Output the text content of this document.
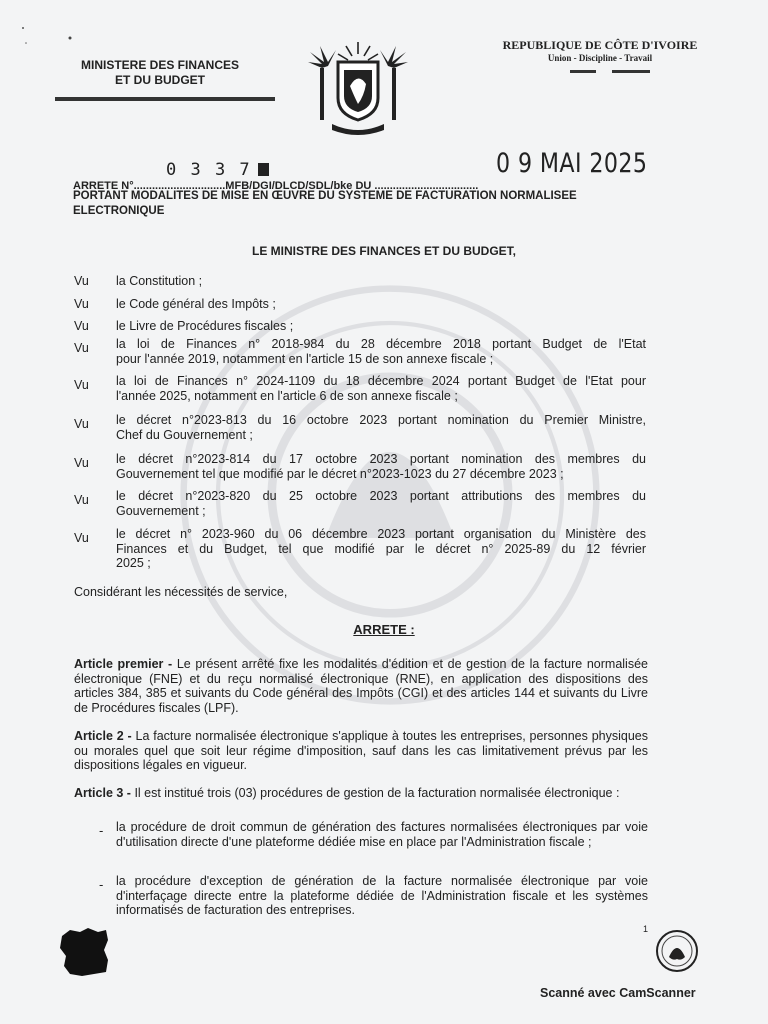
MINISTERE DES FINANCES
ET DU BUDGET
REPUBLIQUE DE CÔTE D'IVOIRE
Union - Discipline - Travail
0 3 3 7	0 9 MAI 2025
ARRETE N°..............................MFB/DGI/DLCD/SDL/bke DU ..................................
PORTANT MODALITES DE MISE EN ŒUVRE DU SYSTEME DE FACTURATION NORMALISEE
ELECTRONIQUE
LE MINISTRE DES FINANCES ET DU BUDGET,
Vu la Constitution ;
Vu le Code général des Impôts ;
Vu le Livre de Procédures fiscales ;
Vu la loi de Finances n° 2018-984 du 28 décembre 2018 portant Budget de l'Etat
pour l'année 2019, notamment en l'article 15 de son annexe fiscale ;
Vu la loi de Finances n° 2024-1109 du 18 décembre 2024 portant Budget de l'Etat pour
l'année 2025, notamment en l'article 6 de son annexe fiscale ;
Vu le décret n°2023-813 du 16 octobre 2023 portant nomination du Premier Ministre,
Chef du Gouvernement ;
Vu le décret n°2023-814 du 17 octobre 2023 portant nomination des membres du
Gouvernement tel que modifié par le décret n°2023-1023 du 27 décembre 2023 ;
Vu le décret n°2023-820 du 25 octobre 2023 portant attributions des membres du
Gouvernement ;
Vu le décret n° 2023-960 du 06 décembre 2023 portant organisation du Ministère des
Finances et du Budget, tel que modifié par le décret n° 2025-89 du 12 février
2025 ;
Considérant les nécessités de service,
ARRETE :
Article premier - Le présent arrêté fixe les modalités d'édition et de gestion de la facture normalisée électronique (FNE) et du reçu normalisé électronique (RNE), en application des dispositions des articles 384, 385 et suivants du Code général des Impôts (CGI) et des articles 144 et suivants du Livre de Procédures fiscales (LPF).
Article 2 - La facture normalisée électronique s'applique à toutes les entreprises, personnes physiques ou morales quel que soit leur régime d'imposition, sauf dans les cas limitativement prévus par les dispositions légales en vigueur.
Article 3 - Il est institué trois (03) procédures de gestion de la facturation normalisée électronique :
- la procédure de droit commun de génération des factures normalisées électroniques par voie d'utilisation directe d'une plateforme dédiée mise en place par l'Administration fiscale ;
- la procédure d'exception de génération de la facture normalisée électronique par voie d'interfaçage directe entre la plateforme dédiée de l'Administration fiscale et les systèmes informatisés de facturation des entreprises.
1
Scanné avec CamScanner
